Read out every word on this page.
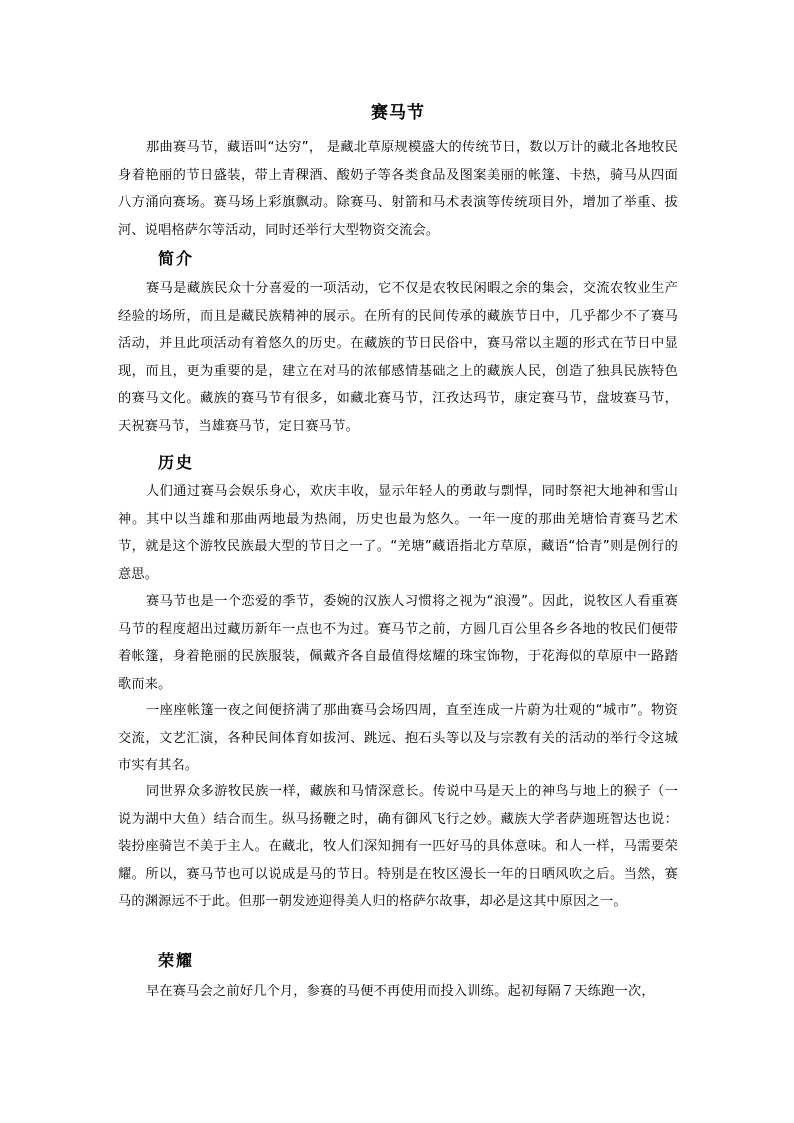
赛马节

那曲赛马节，藏语叫“达穷”， 是藏北草原规模盛大的传统节日，数以万计的藏北各地牧民身着艳丽的节日盛装，带上青稞酒、酸奶子等各类食品及图案美丽的帐篷、卡热，骑马从四面八方涌向赛场。赛马场上彩旗飘动。除赛马、射箭和马术表演等传统项目外，增加了举重、拔河、说唱格萨尔等活动，同时还举行大型物资交流会。

简介

赛马是藏族民众十分喜爱的一项活动，它不仅是农牧民闲暇之余的集会，交流农牧业生产经验的场所，而且是藏民族精神的展示。在所有的民间传承的藏族节日中，几乎都少不了赛马活动，并且此项活动有着悠久的历史。在藏族的节日民俗中，赛马常以主题的形式在节日中显现，而且，更为重要的是，建立在对马的浓郁感情基础之上的藏族人民，创造了独具民族特色的赛马文化。藏族的赛马节有很多，如藏北赛马节，江孜达玛节，康定赛马节，盘坡赛马节，天祝赛马节，当雄赛马节，定日赛马节。

历史

人们通过赛马会娱乐身心，欢庆丰收，显示年轻人的勇敢与剽悍，同时祭祀大地神和雪山神。其中以当雄和那曲两地最为热闹，历史也最为悠久。一年一度的那曲羌塘恰青赛马艺术节，就是这个游牧民族最大型的节日之一了。“羌塘”藏语指北方草原，藏语“恰青”则是例行的意思。

赛马节也是一个恋爱的季节，委婉的汉族人习惯将之视为“浪漫”。因此，说牧区人看重赛马节的程度超出过藏历新年一点也不为过。赛马节之前，方圆几百公里各乡各地的牧民们便带着帐篷，身着艳丽的民族服装，佩戴齐各自最值得炫耀的珠宝饰物，于花海似的草原中一路踏歌而来。

一座座帐篷一夜之间便挤满了那曲赛马会场四周，直至连成一片蔚为壮观的“城市”。物资交流，文艺汇演，各种民间体育如拔河、跳远、抱石头等以及与宗教有关的活动的举行令这城市实有其名。

同世界众多游牧民族一样，藏族和马情深意长。传说中马是天上的神鸟与地上的猴子（一说为湖中大鱼）结合而生。纵马扬鞭之时，确有御风飞行之妙。藏族大学者萨迦班智达也说：装扮座骑岂不美于主人。在藏北，牧人们深知拥有一匹好马的具体意味。和人一样，马需要荣耀。所以，赛马节也可以说成是马的节日。特别是在牧区漫长一年的日晒风吹之后。当然，赛马的渊源远不于此。但那一朝发迹迎得美人归的格萨尔故事，却必是这其中原因之一。

荣耀

早在赛马会之前好几个月，参赛的马便不再使用而投入训练。起初每隔７天练跑一次，
